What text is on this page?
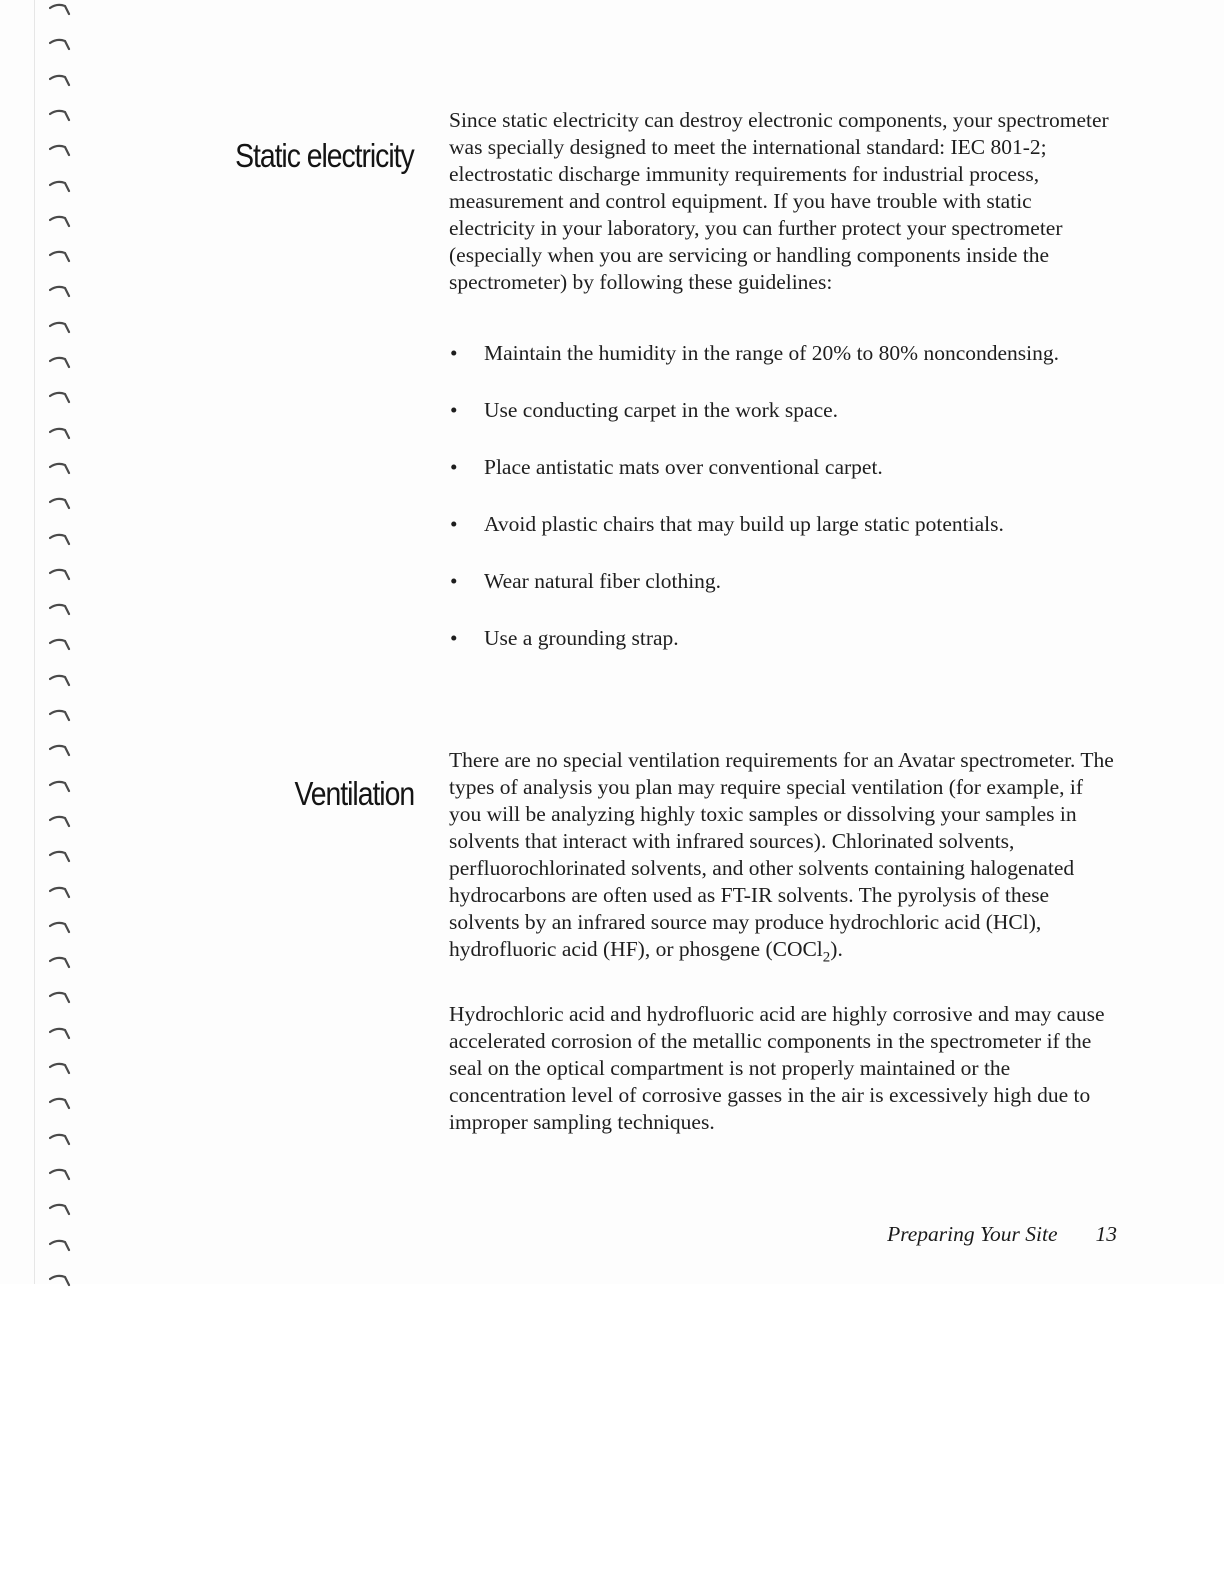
Static electricity

Since static electricity can destroy electronic components, your spectrometer was specially designed to meet the international standard: IEC 801-2; electrostatic discharge immunity requirements for industrial process, measurement and control equipment. If you have trouble with static electricity in your laboratory, you can further protect your spectrometer (especially when you are servicing or handling components inside the spectrometer) by following these guidelines:

• Maintain the humidity in the range of 20% to 80% noncondensing.
• Use conducting carpet in the work space.
• Place antistatic mats over conventional carpet.
• Avoid plastic chairs that may build up large static potentials.
• Wear natural fiber clothing.
• Use a grounding strap.
Ventilation

There are no special ventilation requirements for an Avatar spectrometer. The types of analysis you plan may require special ventilation (for example, if you will be analyzing highly toxic samples or dissolving your samples in solvents that interact with infrared sources). Chlorinated solvents, perfluorochlorinated solvents, and other solvents containing halogenated hydrocarbons are often used as FT-IR solvents. The pyrolysis of these solvents by an infrared source may produce hydrochloric acid (HCl), hydrofluoric acid (HF), or phosgene (COCl$_2$).

Hydrochloric acid and hydrofluoric acid are highly corrosive and may cause accelerated corrosion of the metallic components in the spectrometer if the seal on the optical compartment is not properly maintained or the concentration level of corrosive gasses in the air is excessively high due to improper sampling techniques.

Preparing Your Site 13
